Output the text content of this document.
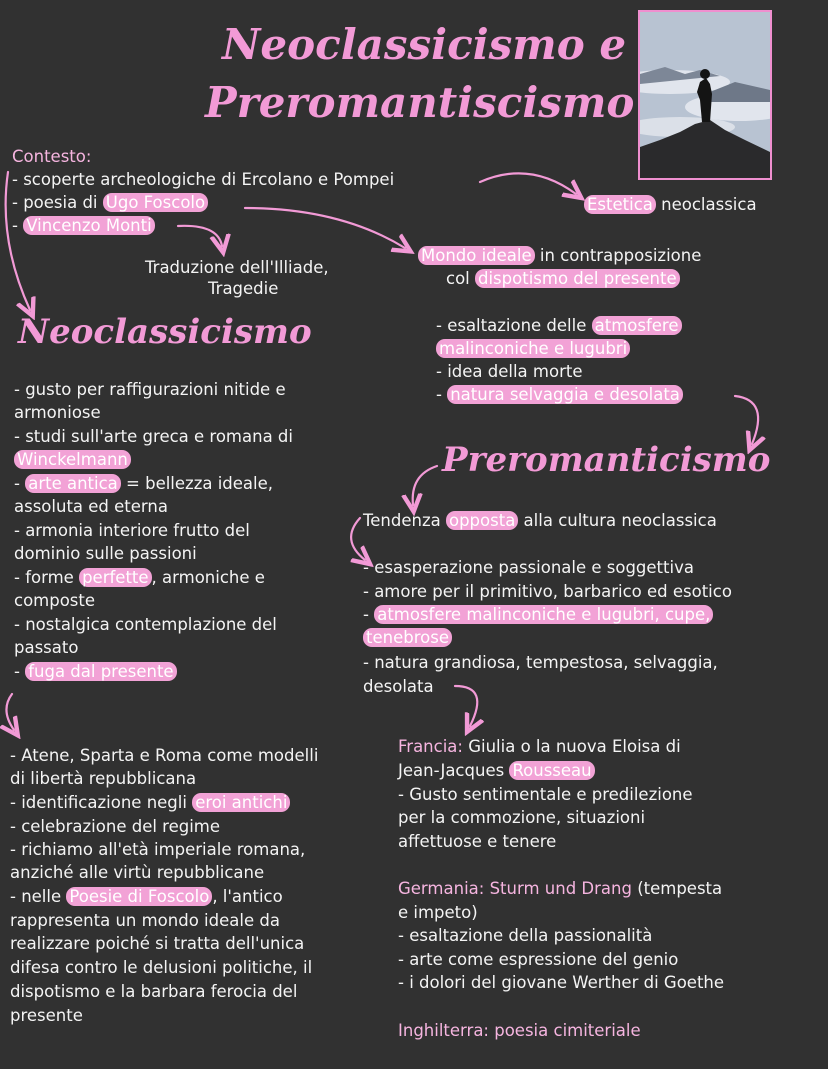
Neoclassicismo e
Preromantiscismo
Contesto:
- scoperte archeologiche di Ercolano e Pompei
- poesia di Ugo Foscolo
- Vincenzo Monti
Traduzione dell'Illiade,
Tragedie
Estetica neoclassica
Mondo ideale in contrapposizione
col dispotismo del presente
- esaltazione delle atmosfere
malinconiche e lugubri
- idea della morte
- natura selvaggia e desolata
Neoclassicismo
- gusto per raffigurazioni nitide e
armoniose
- studi sull'arte greca e romana di
Winckelmann
- arte antica = bellezza ideale,
assoluta ed eterna
- armonia interiore frutto del
dominio sulle passioni
- forme perfette , armoniche e
composte
- nostalgica contemplazione del
passato
- fuga dal presente
- Atene, Sparta e Roma come modelli
di libertà repubblicana
- identificazione negli eroi antichi
- celebrazione del regime
- richiamo all'età imperiale romana,
anziché alle virtù repubblicane
- nelle Poesie di Foscolo , l'antico
rappresenta un mondo ideale da
realizzare poiché si tratta dell'unica
difesa contro le delusioni politiche, il
dispotismo e la barbara ferocia del
presente
Preromanticismo
Tendenza opposta alla cultura neoclassica
- esasperazione passionale e soggettiva
- amore per il primitivo, barbarico ed esotico
- atmosfere malinconiche e lugubri, cupe,
tenebrose
- natura grandiosa, tempestosa, selvaggia,
desolata
Francia: Giulia o la nuova Eloisa di
Jean-Jacques Rousseau
- Gusto sentimentale e predilezione
per la commozione, situazioni
affettuose e tenere
Germania: Sturm und Drang (tempesta
e impeto)
- esaltazione della passionalità
- arte come espressione del genio
- i dolori del giovane Werther di Goethe
Inghilterra: poesia cimiteriale
